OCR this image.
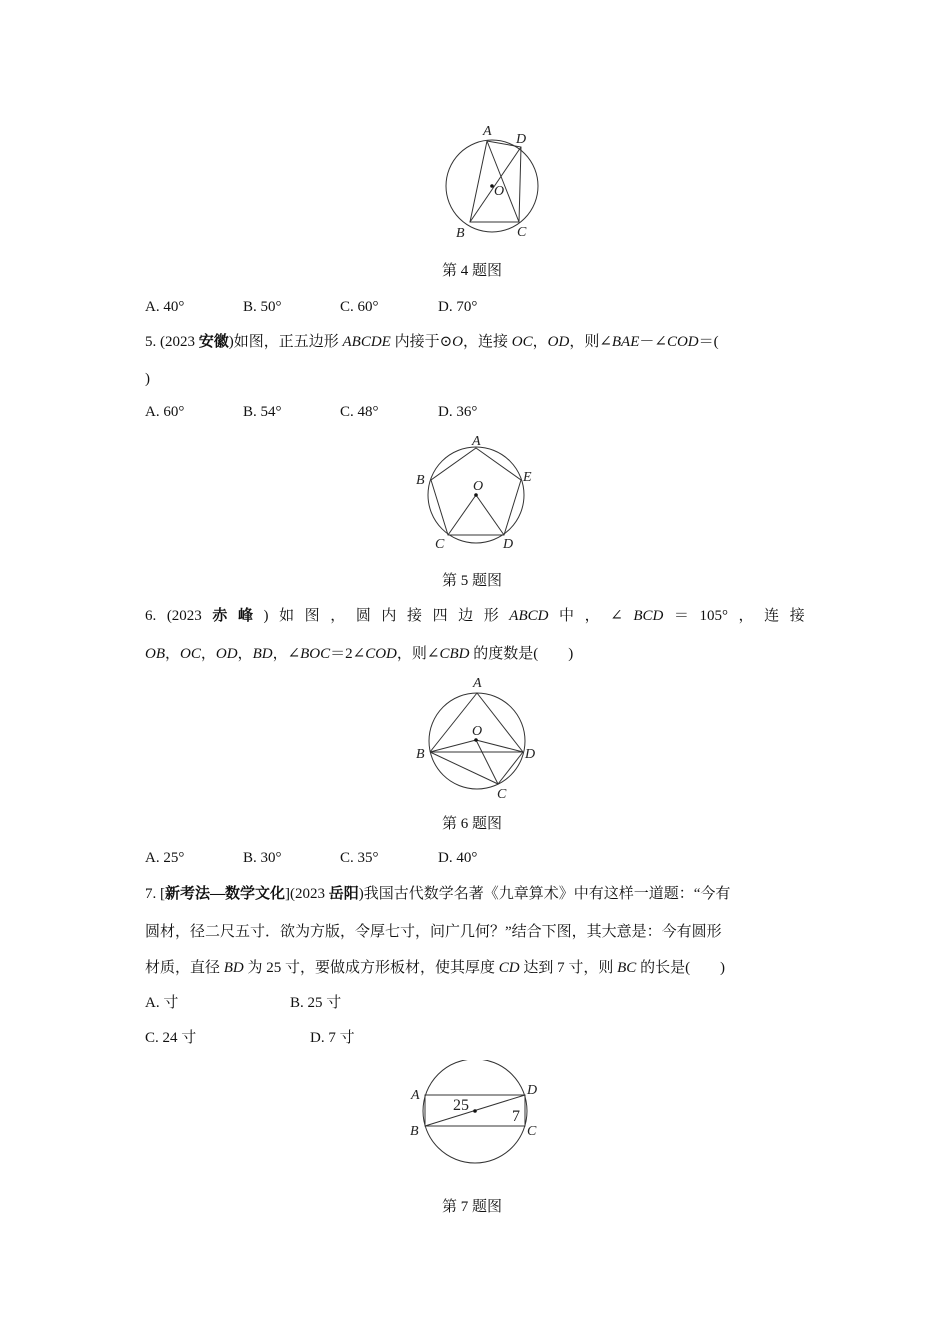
A
D
B	C
O
第 4 题图
A. 40°	B. 50°	C. 60°	D. 70°
5. (2023 安徽)如图，正五边形 ABCDE 内接于⊙O，连接 OC，OD，则∠BAE－∠COD＝(
)
A. 60°	B. 54°	C. 48°	D. 36°
A
B	E
O
C	D
第 5 题图
6. (2023 赤 峰 ) 如 图 ， 圆 内 接 四 边 形 ABCD 中 ， ∠ BCD ＝ 105° ， 连 接
OB，OC，OD，BD，∠BOC＝2∠COD，则∠CBD 的度数是(　　)
A
O
B	D
C
第 6 题图
A. 25°	B. 30°	C. 35°	D. 40°
7. [新考法—数学文化](2023 岳阳)我国古代数学名著《九章算术》中有这样一道题：“今有
圆材，径二尺五寸．欲为方版，令厚七寸，问广几何？”结合下图，其大意是：今有圆形
材质，直径 BD 为 25 寸，要做成方形板材，使其厚度 CD 达到 7 寸，则 BC 的长是(　　)
A. 寸	B. 25 寸
C. 24 寸	D. 7 寸
A	D
B	C
25
7
第 7 题图
